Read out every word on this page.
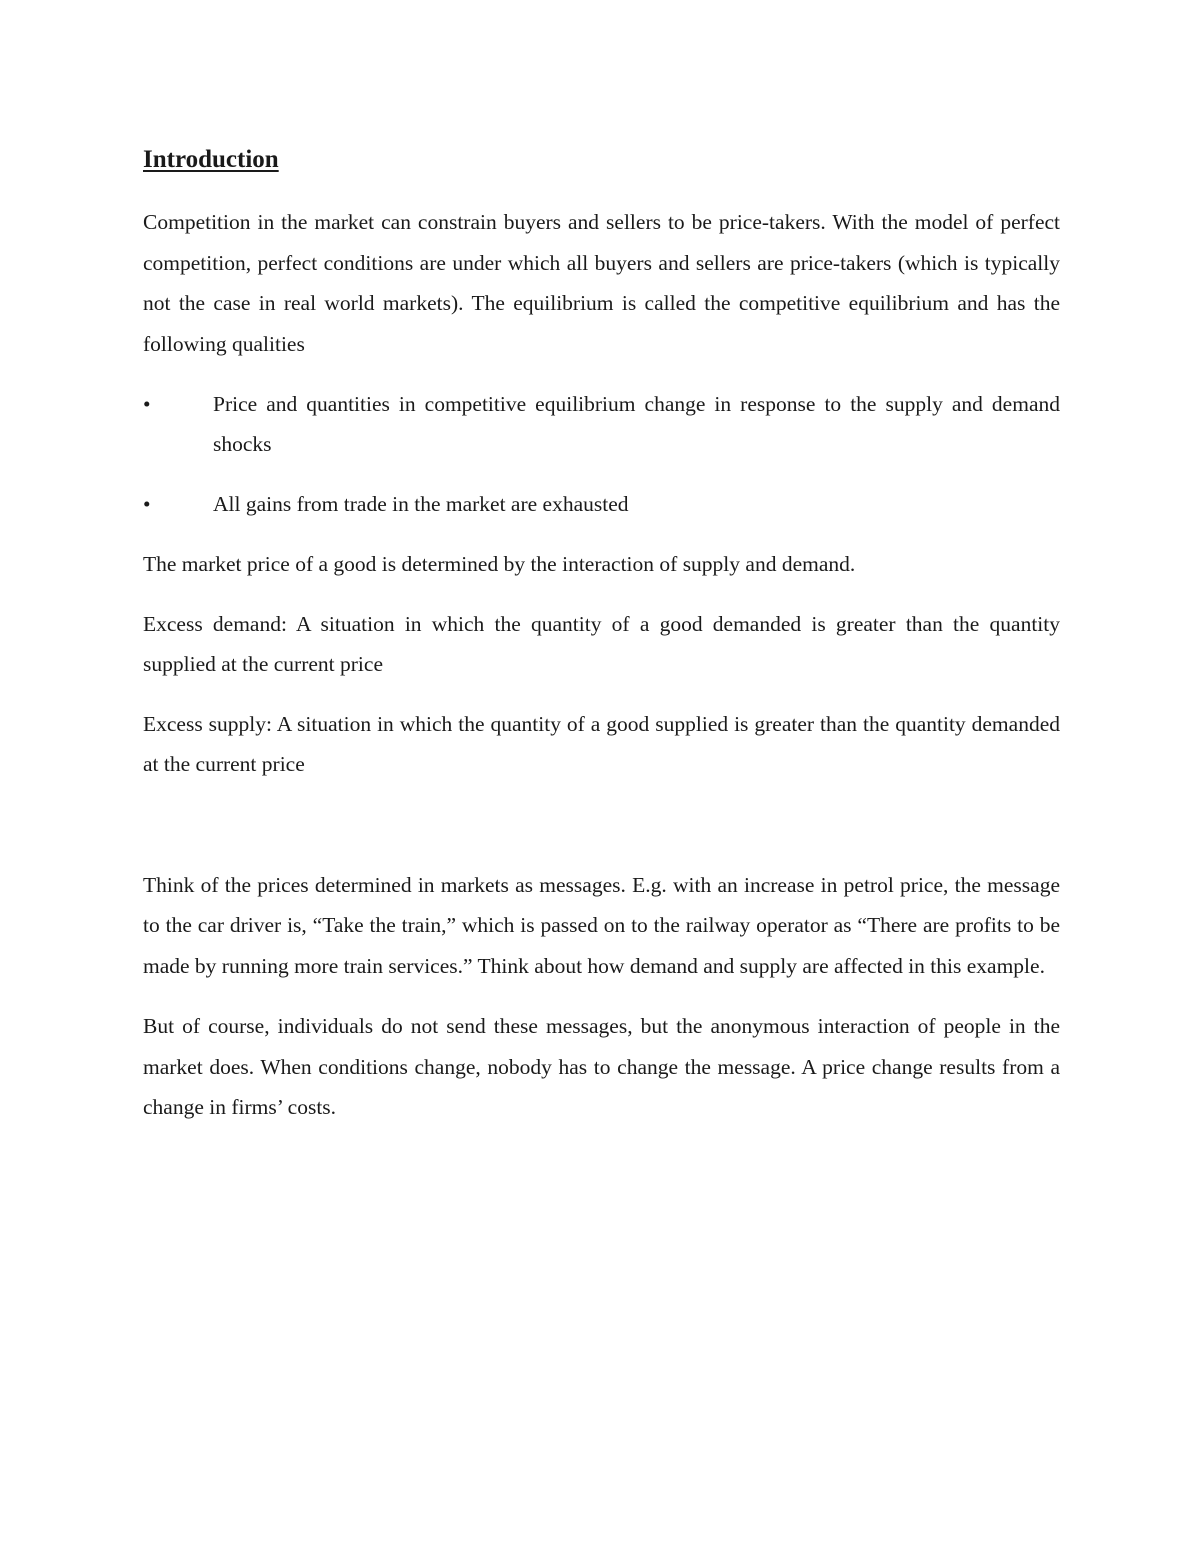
Introduction
Competition in the market can constrain buyers and sellers to be price-takers. With the model of perfect competition, perfect conditions are under which all buyers and sellers are price-takers (which is typically not the case in real world markets). The equilibrium is called the competitive equilibrium and has the following qualities
•	Price and quantities in competitive equilibrium change in response to the supply and demand shocks
•	All gains from trade in the market are exhausted
The market price of a good is determined by the interaction of supply and demand.
Excess demand: A situation in which the quantity of a good demanded is greater than the quantity supplied at the current price
Excess supply: A situation in which the quantity of a good supplied is greater than the quantity demanded at the current price
Think of the prices determined in markets as messages. E.g. with an increase in petrol price, the message to the car driver is, “Take the train,” which is passed on to the railway operator as “There are profits to be made by running more train services.” Think about how demand and supply are affected in this example.
But of course, individuals do not send these messages, but the anonymous interaction of people in the market does. When conditions change, nobody has to change the message. A price change results from a change in firms’ costs.
